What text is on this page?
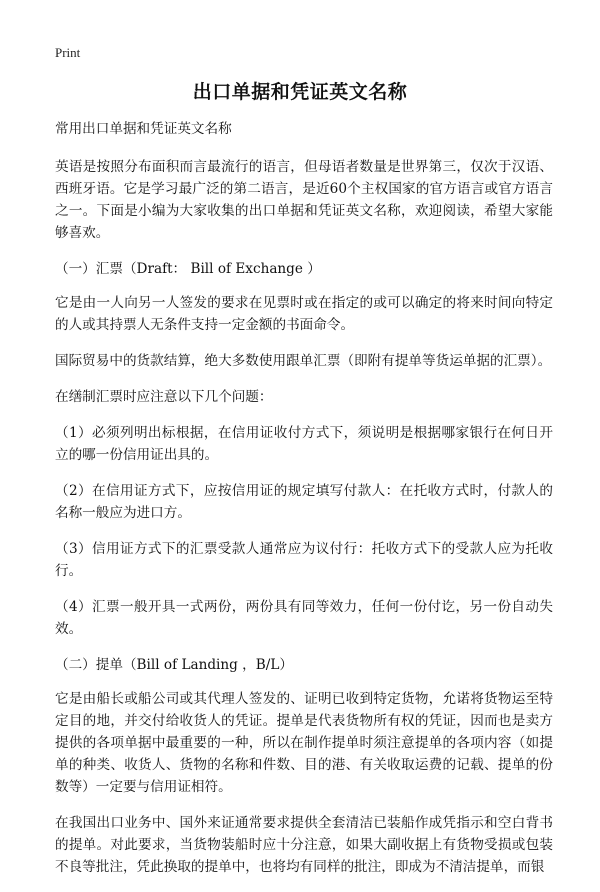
Print
出口单据和凭证英文名称

常用出口单据和凭证英文名称

英语是按照分布面积而言最流行的语言，但母语者数量是世界第三，仅次于汉语、西班牙语。它是学习最广泛的第二语言，是近60个主权国家的官方语言或官方语言之一。下面是小编为大家收集的出口单据和凭证英文名称，欢迎阅读，希望大家能够喜欢。

（一）汇票（Draft： Bill of Exchange ）

它是由一人向另一人签发的要求在见票时或在指定的或可以确定的将来时间向特定的人或其持票人无条件支持一定金额的书面命令。

国际贸易中的货款结算，绝大多数使用跟单汇票（即附有提单等货运单据的汇票）。

在缮制汇票时应注意以下几个问题：

（1）必须列明出标根据，在信用证收付方式下，须说明是根据哪家银行在何日开立的哪一份信用证出具的。

（2）在信用证方式下，应按信用证的规定填写付款人：在托收方式时，付款人的名称一般应为进口方。

（3）信用证方式下的汇票受款人通常应为议付行：托收方式下的受款人应为托收行。

（4）汇票一般开具一式两份，两份具有同等效力，任何一份付讫，另一份自动失效。

（二）提单（Bill of Landing ，B/L）

它是由船长或船公司或其代理人签发的、证明已收到特定货物，允诺将货物运至特定目的地，并交付给收货人的凭证。提单是代表货物所有权的凭证，因而也是卖方提供的各项单据中最重要的一种，所以在制作提单时须注意提单的各项内容（如提单的种类、收货人、货物的名称和件数、目的港、有关收取运费的记载、提单的份数等）一定要与信用证相符。

在我国出口业务中、国外来证通常要求提供全套清洁已装船作成凭指示和空白背书的提单。对此要求，当货物装船时应十分注意，如果大副收据上有货物受损或包装不良等批注，凭此换取的提单中，也将均有同样的批注，即成为不清洁提单，而银
